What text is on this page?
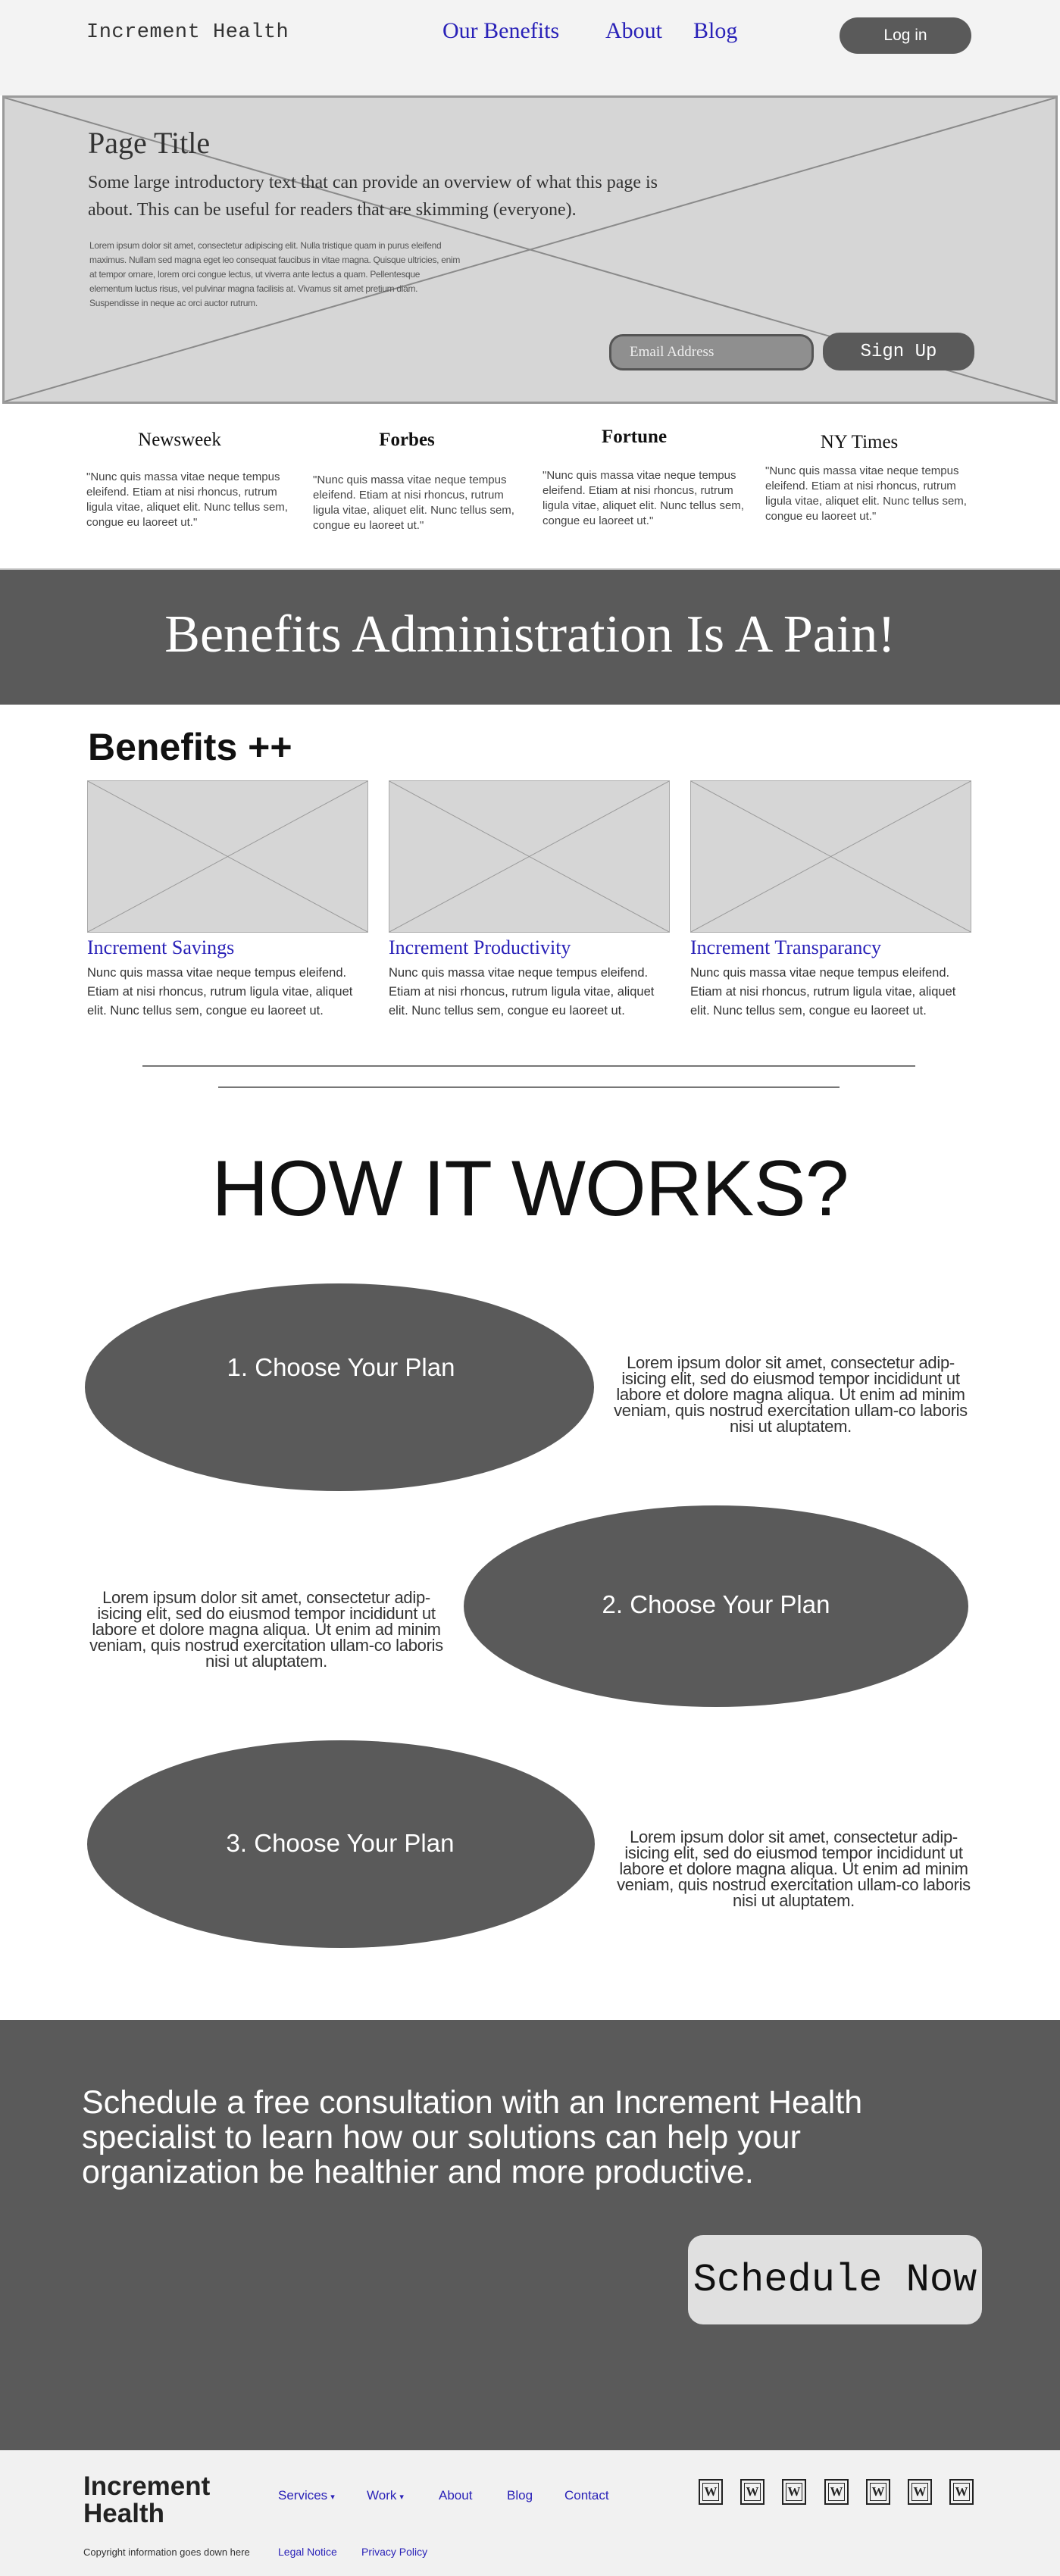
Increment Health	Our Benefits About Blog	Log in
Page Title
Some large introductory text that can provide an overview of what this page is about. This can be useful for readers that are skimming (everyone).
Lorem ipsum dolor sit amet, consectetur adipiscing elit. Nulla tristique quam in purus eleifend maximus. Nullam sed magna eget leo consequat faucibus in vitae magna. Quisque ultricies, enim at tempor ornare, lorem orci congue lectus, ut viverra ante lectus a quam. Pellentesque elementum luctus risus, vel pulvinar magna facilisis at. Vivamus sit amet pretium diam. Suspendisse in neque ac orci auctor rutrum.
Email Address	Sign Up
Newsweek
"Nunc quis massa vitae neque tempus eleifend. Etiam at nisi rhoncus, rutrum ligula vitae, aliquet elit. Nunc tellus sem, congue eu laoreet ut."
Forbes
"Nunc quis massa vitae neque tempus eleifend. Etiam at nisi rhoncus, rutrum ligula vitae, aliquet elit. Nunc tellus sem, congue eu laoreet ut."
Fortune
"Nunc quis massa vitae neque tempus eleifend. Etiam at nisi rhoncus, rutrum ligula vitae, aliquet elit. Nunc tellus sem, congue eu laoreet ut."
NY Times
"Nunc quis massa vitae neque tempus eleifend. Etiam at nisi rhoncus, rutrum ligula vitae, aliquet elit. Nunc tellus sem, congue eu laoreet ut."
Benefits Administration Is A Pain!
Benefits ++
Increment Savings
Nunc quis massa vitae neque tempus eleifend. Etiam at nisi rhoncus, rutrum ligula vitae, aliquet elit. Nunc tellus sem, congue eu laoreet ut.
Increment Productivity
Nunc quis massa vitae neque tempus eleifend. Etiam at nisi rhoncus, rutrum ligula vitae, aliquet elit. Nunc tellus sem, congue eu laoreet ut.
Increment Transparancy
Nunc quis massa vitae neque tempus eleifend. Etiam at nisi rhoncus, rutrum ligula vitae, aliquet elit. Nunc tellus sem, congue eu laoreet ut.
HOW IT WORKS?
1. Choose Your Plan	Lorem ipsum dolor sit amet, consectetur adip-isicing elit, sed do eiusmod tempor incididunt ut labore et dolore magna aliqua. Ut enim ad minim veniam, quis nostrud exercitation ullam-co laboris nisi ut aluptatem.
2. Choose Your Plan
Lorem ipsum dolor sit amet, consectetur adip-isicing elit, sed do eiusmod tempor incididunt ut labore et dolore magna aliqua. Ut enim ad minim veniam, quis nostrud exercitation ullam-co laboris nisi ut aluptatem.
3. Choose Your Plan	Lorem ipsum dolor sit amet, consectetur adip-isicing elit, sed do eiusmod tempor incididunt ut labore et dolore magna aliqua. Ut enim ad minim veniam, quis nostrud exercitation ullam-co laboris nisi ut aluptatem.
Schedule a free consultation with an Increment Health specialist to learn how our solutions can help your organization be healthier and more productive.
Schedule Now
Increment Health
Services ▾ Work ▾	About	Blog Contact
Copyright information goes down here	Legal Notice Privacy Policy
W W W W W W W
